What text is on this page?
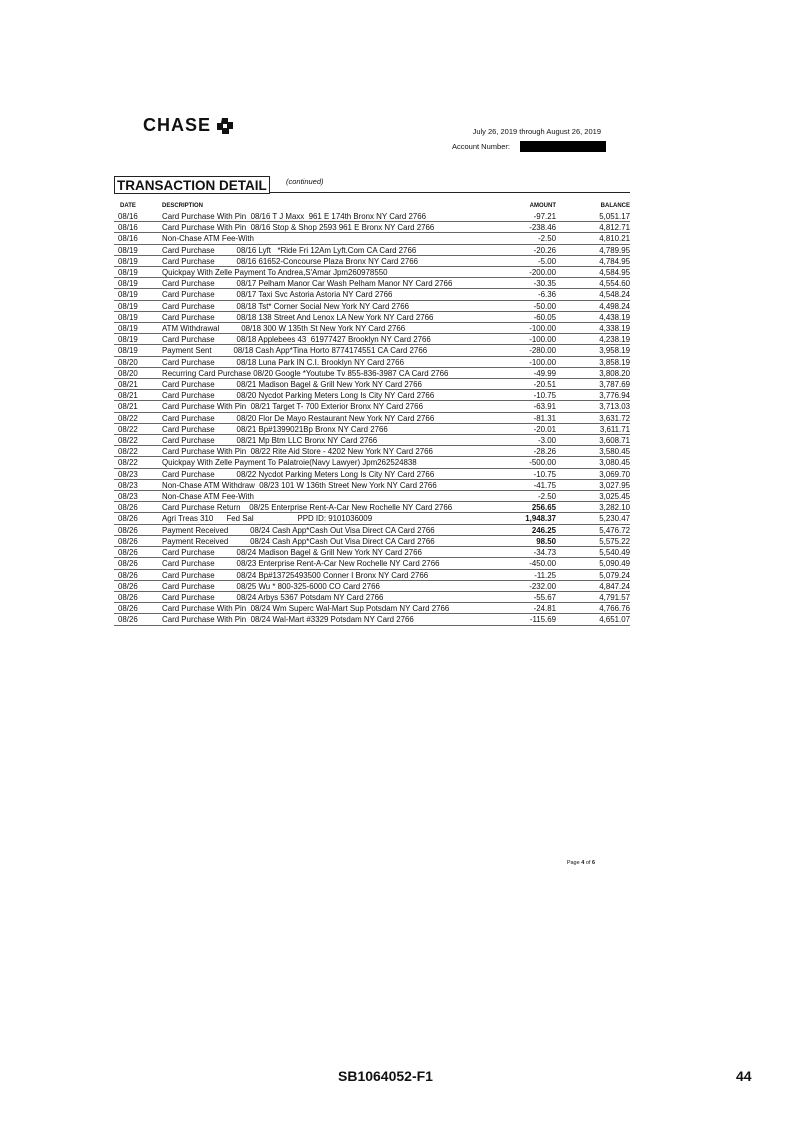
CHASE	July 26, 2019 through August 26, 2019
Account Number:
TRANSACTION DETAIL	(continued)
DATE	DESCRIPTION	AMOUNT	BALANCE
08/16	Card Purchase With Pin  08/16 T J Maxx  961 E 174th Bronx NY Card 2766	-97.21	5,051.17
08/16	Card Purchase With Pin  08/16 Stop & Shop 2593 961 E Bronx NY Card 2766	-238.46	4,812.71
08/16	Non-Chase ATM Fee-With	-2.50	4,810.21
08/19	Card Purchase          08/16 Lyft   *Ride Fri 12Am Lyft.Com CA Card 2766	-20.26	4,789.95
08/19	Card Purchase          08/16 61652-Concourse Plaza Bronx NY Card 2766	-5.00	4,784.95
08/19	Quickpay With Zelle Payment To Andrea,S'Amar Jpm260978550	-200.00	4,584.95
08/19	Card Purchase          08/17 Pelham Manor Car Wash Pelham Manor NY Card 2766	-30.35	4,554.60
08/19	Card Purchase          08/17 Taxi Svc Astoria Astoria NY Card 2766	-6.36	4,548.24
08/19	Card Purchase          08/18 Tst* Corner Social New York NY Card 2766	-50.00	4,498.24
08/19	Card Purchase          08/18 138 Street And Lenox LA New York NY Card 2766	-60.05	4,438.19
08/19	ATM Withdrawal          08/18 300 W 135th St New York NY Card 2766	-100.00	4,338.19
08/19	Card Purchase          08/18 Applebees 43  61977427 Brooklyn NY Card 2766	-100.00	4,238.19
08/19	Payment Sent          08/18 Cash App*Tina Horto 8774174551 CA Card 2766	-280.00	3,958.19
08/20	Card Purchase          08/18 Luna Park IN C.I. Brooklyn NY Card 2766	-100.00	3,858.19
08/20	Recurring Card Purchase 08/20 Google *Youtube Tv 855-836-3987 CA Card 2766	-49.99	3,808.20
08/21	Card Purchase          08/21 Madison Bagel & Grill New York NY Card 2766	-20.51	3,787.69
08/21	Card Purchase          08/20 Nycdot Parking Meters Long Is City NY Card 2766	-10.75	3,776.94
08/21	Card Purchase With Pin  08/21 Target T- 700 Exterior Bronx NY Card 2766	-63.91	3,713.03
08/22	Card Purchase          08/20 Flor De Mayo Restaurant New York NY Card 2766	-81.31	3,631.72
08/22	Card Purchase          08/21 Bp#1399021Bp Bronx NY Card 2766	-20.01	3,611.71
08/22	Card Purchase          08/21 Mp Btm LLC Bronx NY Card 2766	-3.00	3,608.71
08/22	Card Purchase With Pin  08/22 Rite Aid Store - 4202 New York NY Card 2766	-28.26	3,580.45
08/22	Quickpay With Zelle Payment To Palatroie(Navy Lawyer) Jpm262524838	-500.00	3,080.45
08/23	Card Purchase          08/22 Nycdot Parking Meters Long Is City NY Card 2766	-10.75	3,069.70
08/23	Non-Chase ATM Withdraw  08/23 101 W 136th Street New York NY Card 2766	-41.75	3,027.95
08/23	Non-Chase ATM Fee-With	-2.50	3,025.45
08/26	Card Purchase Return    08/25 Enterprise Rent-A-Car New Rochelle NY Card 2766	256.65	3,282.10
08/26	Agri Treas 310      Fed Sal                    PPD ID: 9101036009	1,948.37	5,230.47
08/26	Payment Received          08/24 Cash App*Cash Out Visa Direct CA Card 2766	246.25	5,476.72
08/26	Payment Received          08/24 Cash App*Cash Out Visa Direct CA Card 2766	98.50	5,575.22
08/26	Card Purchase          08/24 Madison Bagel & Grill New York NY Card 2766	-34.73	5,540.49
08/26	Card Purchase          08/23 Enterprise Rent-A-Car New Rochelle NY Card 2766	-450.00	5,090.49
08/26	Card Purchase          08/24 Bp#13725493500 Conner I Bronx NY Card 2766	-11.25	5,079.24
08/26	Card Purchase          08/25 Wu * 800-325-6000 CO Card 2766	-232.00	4,847.24
08/26	Card Purchase          08/24 Arbys 5367 Potsdam NY Card 2766	-55.67	4,791.57
08/26	Card Purchase With Pin  08/24 Wm Superc Wal-Mart Sup Potsdam NY Card 2766	-24.81	4,766.76
08/26	Card Purchase With Pin  08/24 Wal-Mart #3329 Potsdam NY Card 2766	-115.69	4,651.07
Page 4 of 6
SB1064052-F1	44
